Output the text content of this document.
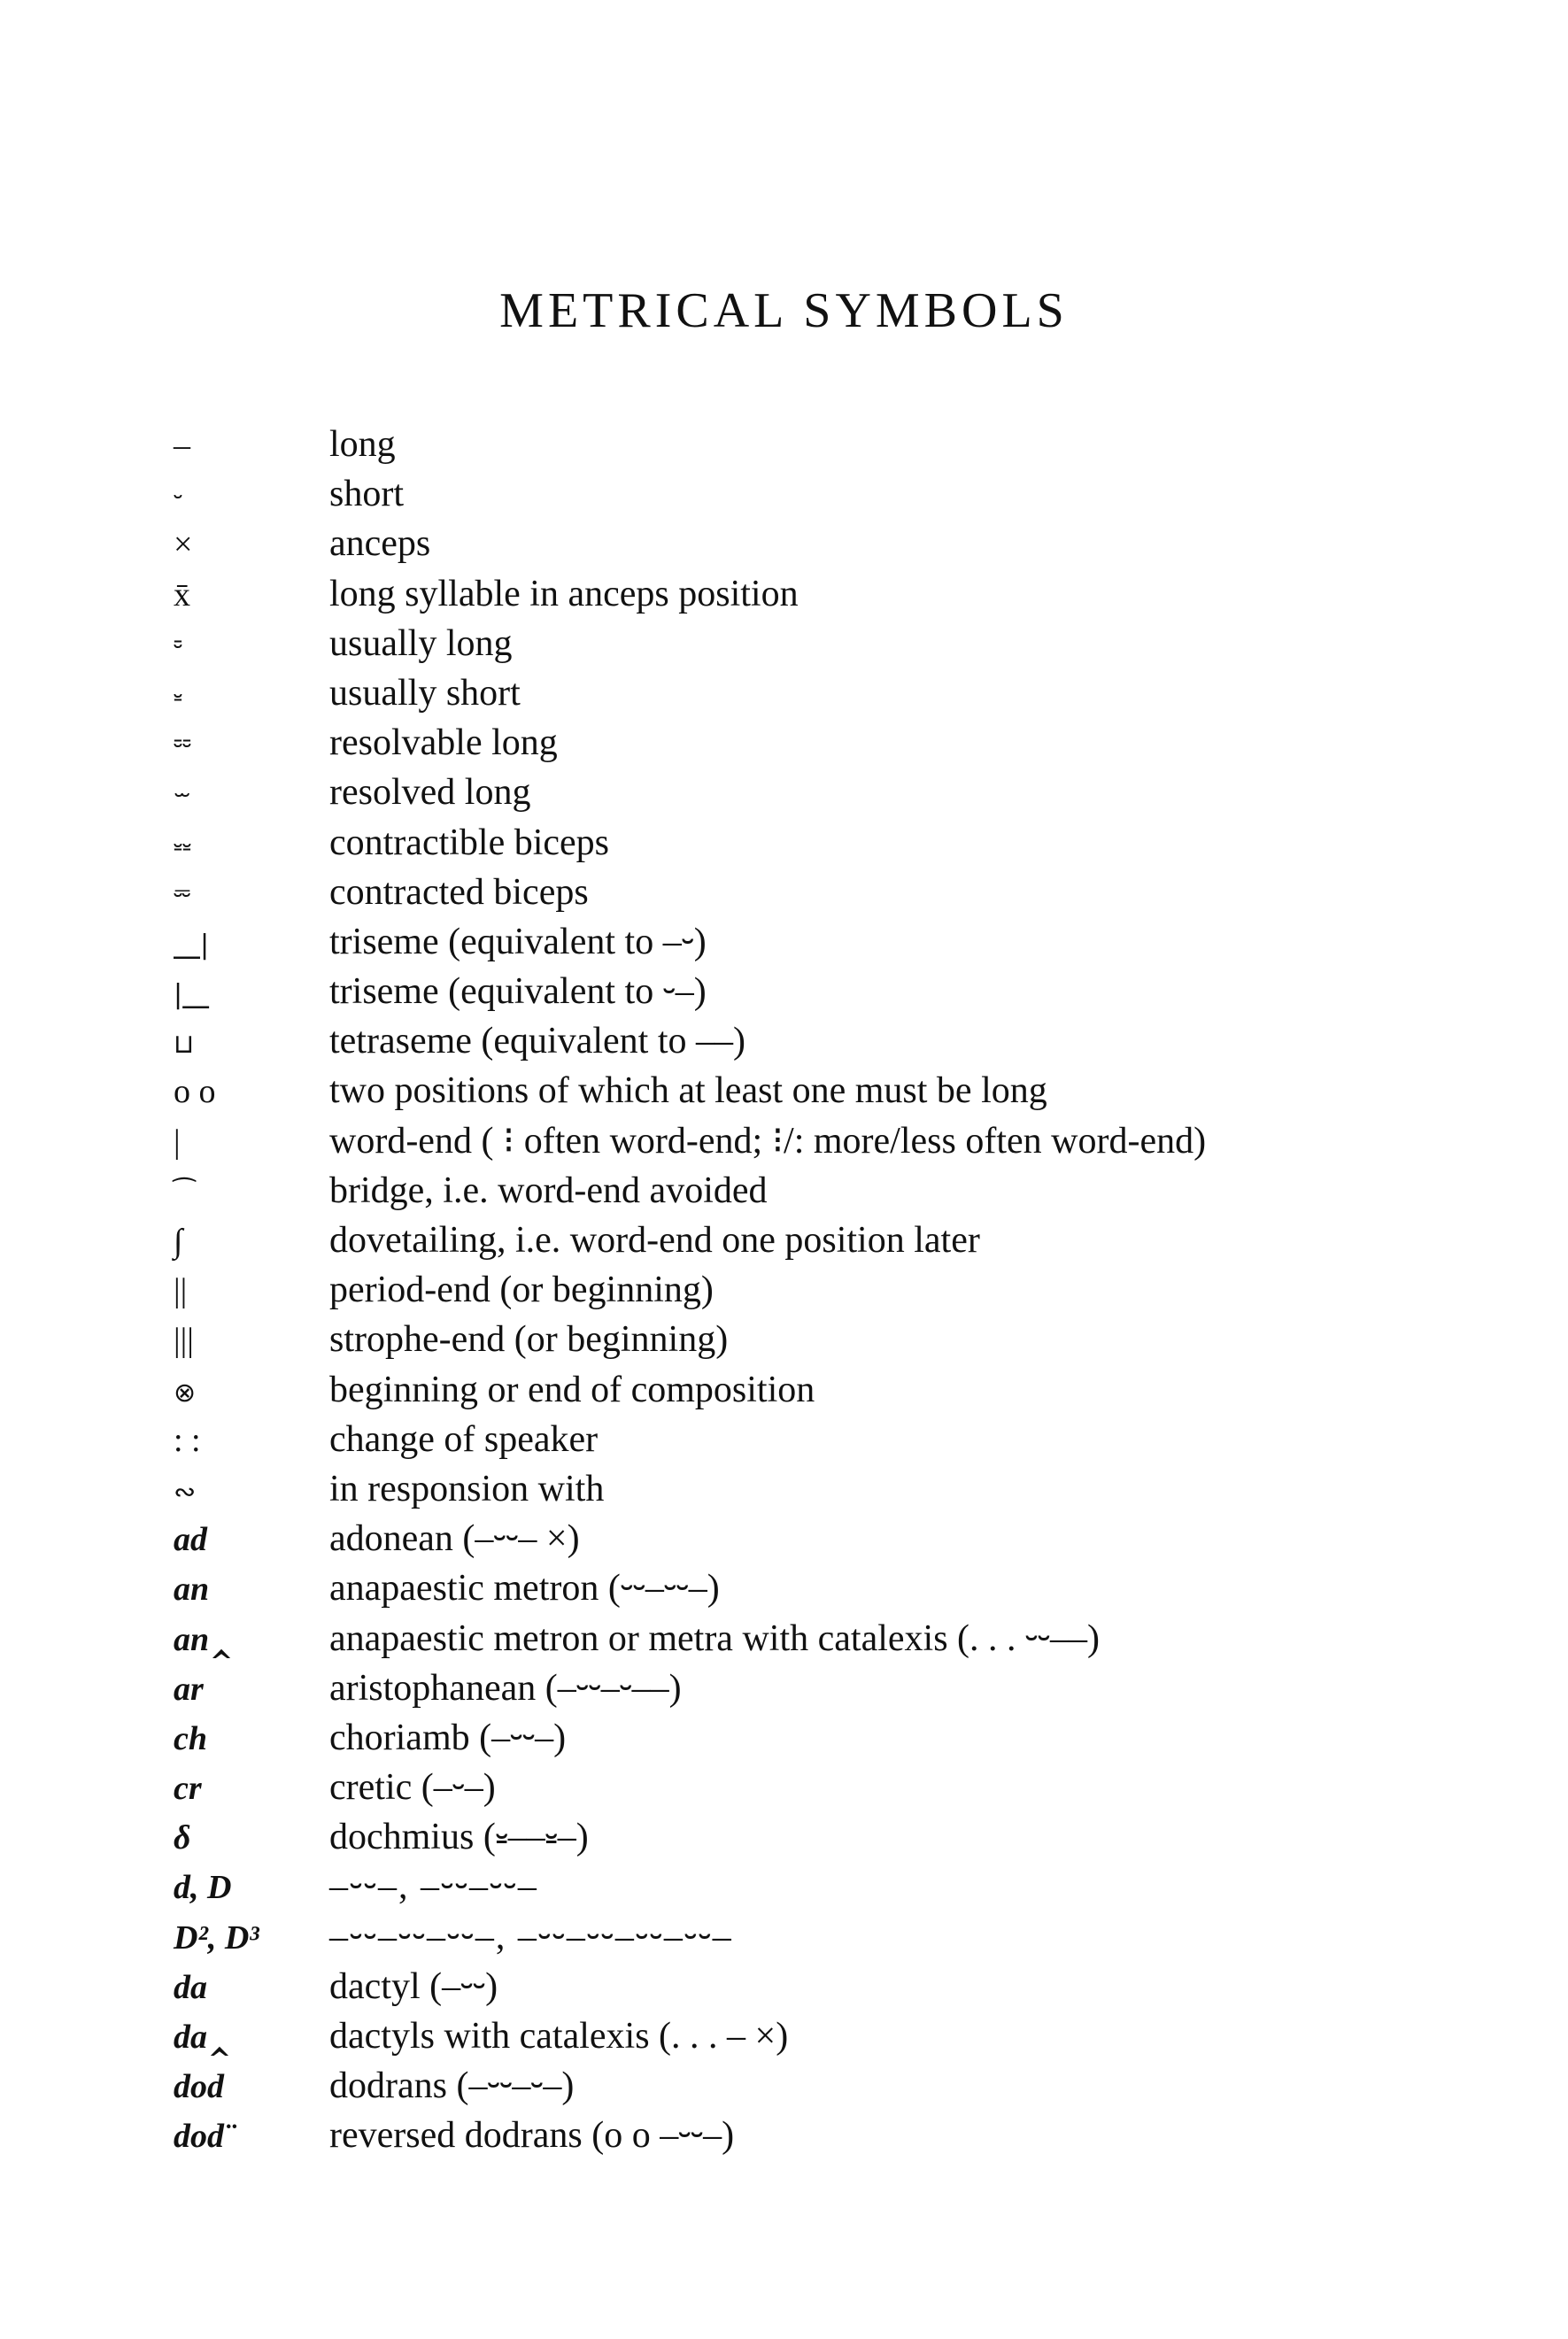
METRICAL SYMBOLS
–	long
⏑	short
×	anceps
x̄	long syllable in anceps position
⏒	usually long
⏓	usually short
⏒⏒	resolvable long
⏖	resolved long
⏓⏓	contractible biceps
⏔	contracted biceps
⎽|	triseme (equivalent to –⏑)
|⎽	triseme (equivalent to ⏑–)
⊔	tetraseme (equivalent to ––)
o o	two positions of which at least one must be long
|	word-end ( ⁝ often word-end; ⁝/: more/less often word-end)
⁀	bridge, i.e. word-end avoided
∫	dovetailing, i.e. word-end one position later
||	period-end (or beginning)
|||	strophe-end (or beginning)
⊗	beginning or end of composition
: :	change of speaker
∾	in responsion with
ad	adonean (–⏑⏑– ×)
an	anapaestic metron (⏑⏑–⏑⏑–)
an‸	anapaestic metron or metra with catalexis (. . . ⏑⏑––)
ar	aristophanean (–⏑⏑–⏑––)
ch	choriamb (–⏑⏑–)
cr	cretic (–⏑–)
δ	dochmius (⏓––⏓–)
d, D	–⏑⏑–, –⏑⏑–⏑⏑–
D², D³	–⏑⏑–⏑⏑–⏑⏑–, –⏑⏑–⏑⏑–⏑⏑–⏑⏑–
da	dactyl (–⏑⏑)
da‸	dactyls with catalexis (. . . – ×)
dod	dodrans (–⏑⏑–⏑–)
dod¨	reversed dodrans (o o –⏑⏑–)
